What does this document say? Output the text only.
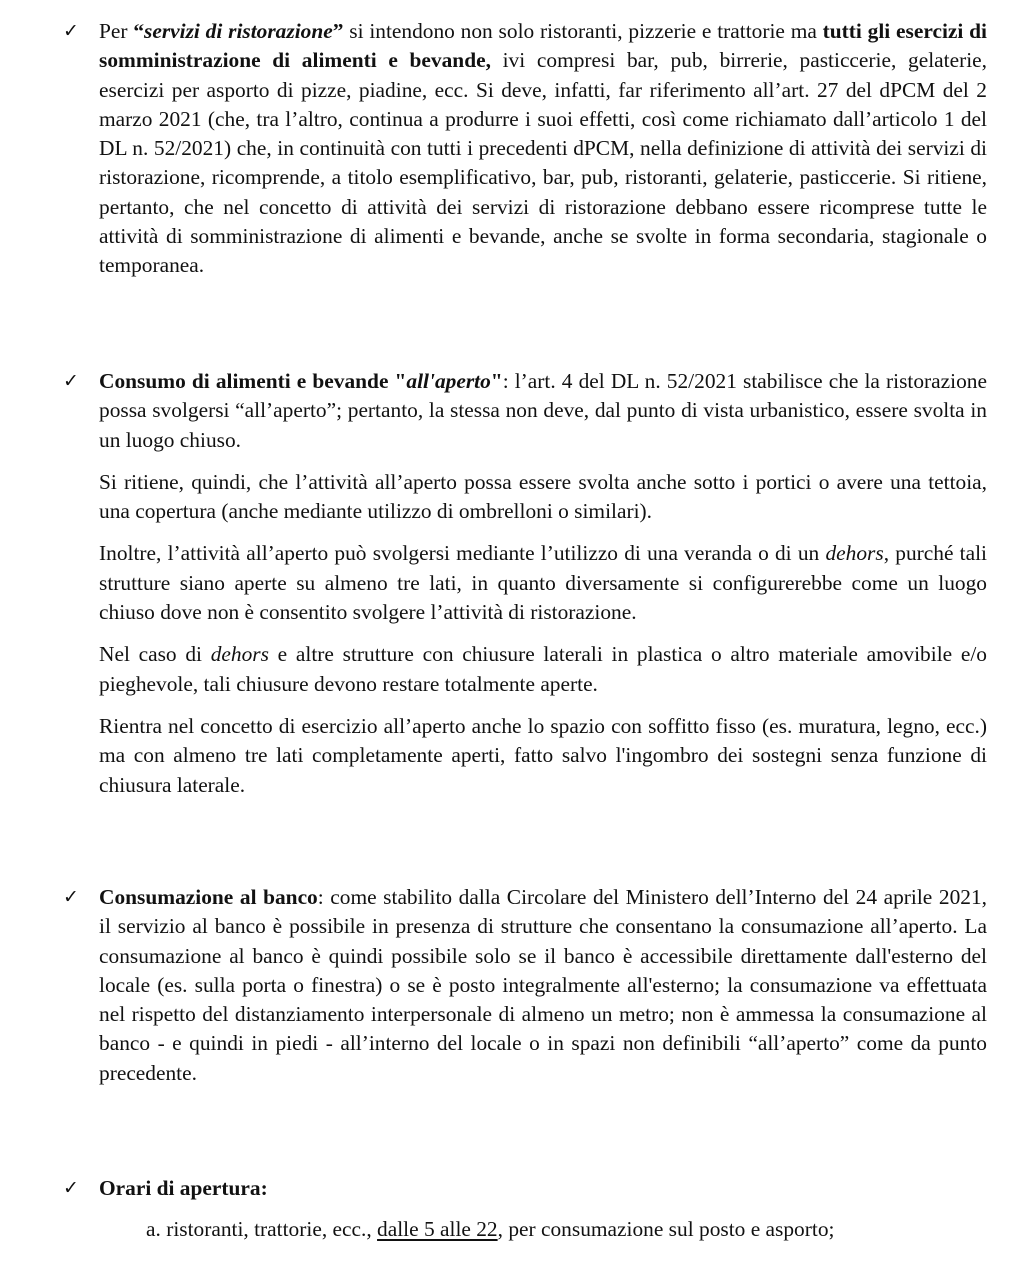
✓ Per “servizi di ristorazione” si intendono non solo ristoranti, pizzerie e trattorie ma tutti gli esercizi di somministrazione di alimenti e bevande, ivi compresi bar, pub, birrerie, pasticcerie, gelaterie, esercizi per asporto di pizze, piadine, ecc. Si deve, infatti, far riferimento all’art. 27 del dPCM del 2 marzo 2021 (che, tra l’altro, continua a produrre i suoi effetti, così come richiamato dall’articolo 1 del DL n. 52/2021) che, in continuità con tutti i precedenti dPCM, nella definizione di attività dei servizi di ristorazione, ricomprende, a titolo esemplificativo, bar, pub, ristoranti, gelaterie, pasticcerie. Si ritiene, pertanto, che nel concetto di attività dei servizi di ristorazione debbano essere ricomprese tutte le attività di somministrazione di alimenti e bevande, anche se svolte in forma secondaria, stagionale o temporanea.

✓ Consumo di alimenti e bevande "all'aperto": l’art. 4 del DL n. 52/2021 stabilisce che la ristorazione possa svolgersi “all’aperto”; pertanto, la stessa non deve, dal punto di vista urbanistico, essere svolta in un luogo chiuso.

Si ritiene, quindi, che l’attività all’aperto possa essere svolta anche sotto i portici o avere una tettoia, una copertura (anche mediante utilizzo di ombrelloni o similari).

Inoltre, l’attività all’aperto può svolgersi mediante l’utilizzo di una veranda o di un dehors, purché tali strutture siano aperte su almeno tre lati, in quanto diversamente si configurerebbe come un luogo chiuso dove non è consentito svolgere l’attività di ristorazione.

Nel caso di dehors e altre strutture con chiusure laterali in plastica o altro materiale amovibile e/o pieghevole, tali chiusure devono restare totalmente aperte.

Rientra nel concetto di esercizio all’aperto anche lo spazio con soffitto fisso (es. muratura, legno, ecc.) ma con almeno tre lati completamente aperti, fatto salvo l'ingombro dei sostegni senza funzione di chiusura laterale.

✓ Consumazione al banco: come stabilito dalla Circolare del Ministero dell’Interno del 24 aprile 2021, il servizio al banco è possibile in presenza di strutture che consentano la consumazione all’aperto. La consumazione al banco è quindi possibile solo se il banco è accessibile direttamente dall'esterno del locale (es. sulla porta o finestra) o se è posto integralmente all'esterno; la consumazione va effettuata nel rispetto del distanziamento interpersonale di almeno un metro; non è ammessa la consumazione al banco - e quindi in piedi - all’interno del locale o in spazi non definibili “all’aperto” come da punto precedente.

✓ Orari di apertura:

a. ristoranti, trattorie, ecc., dalle 5 alle 22, per consumazione sul posto e asporto;
